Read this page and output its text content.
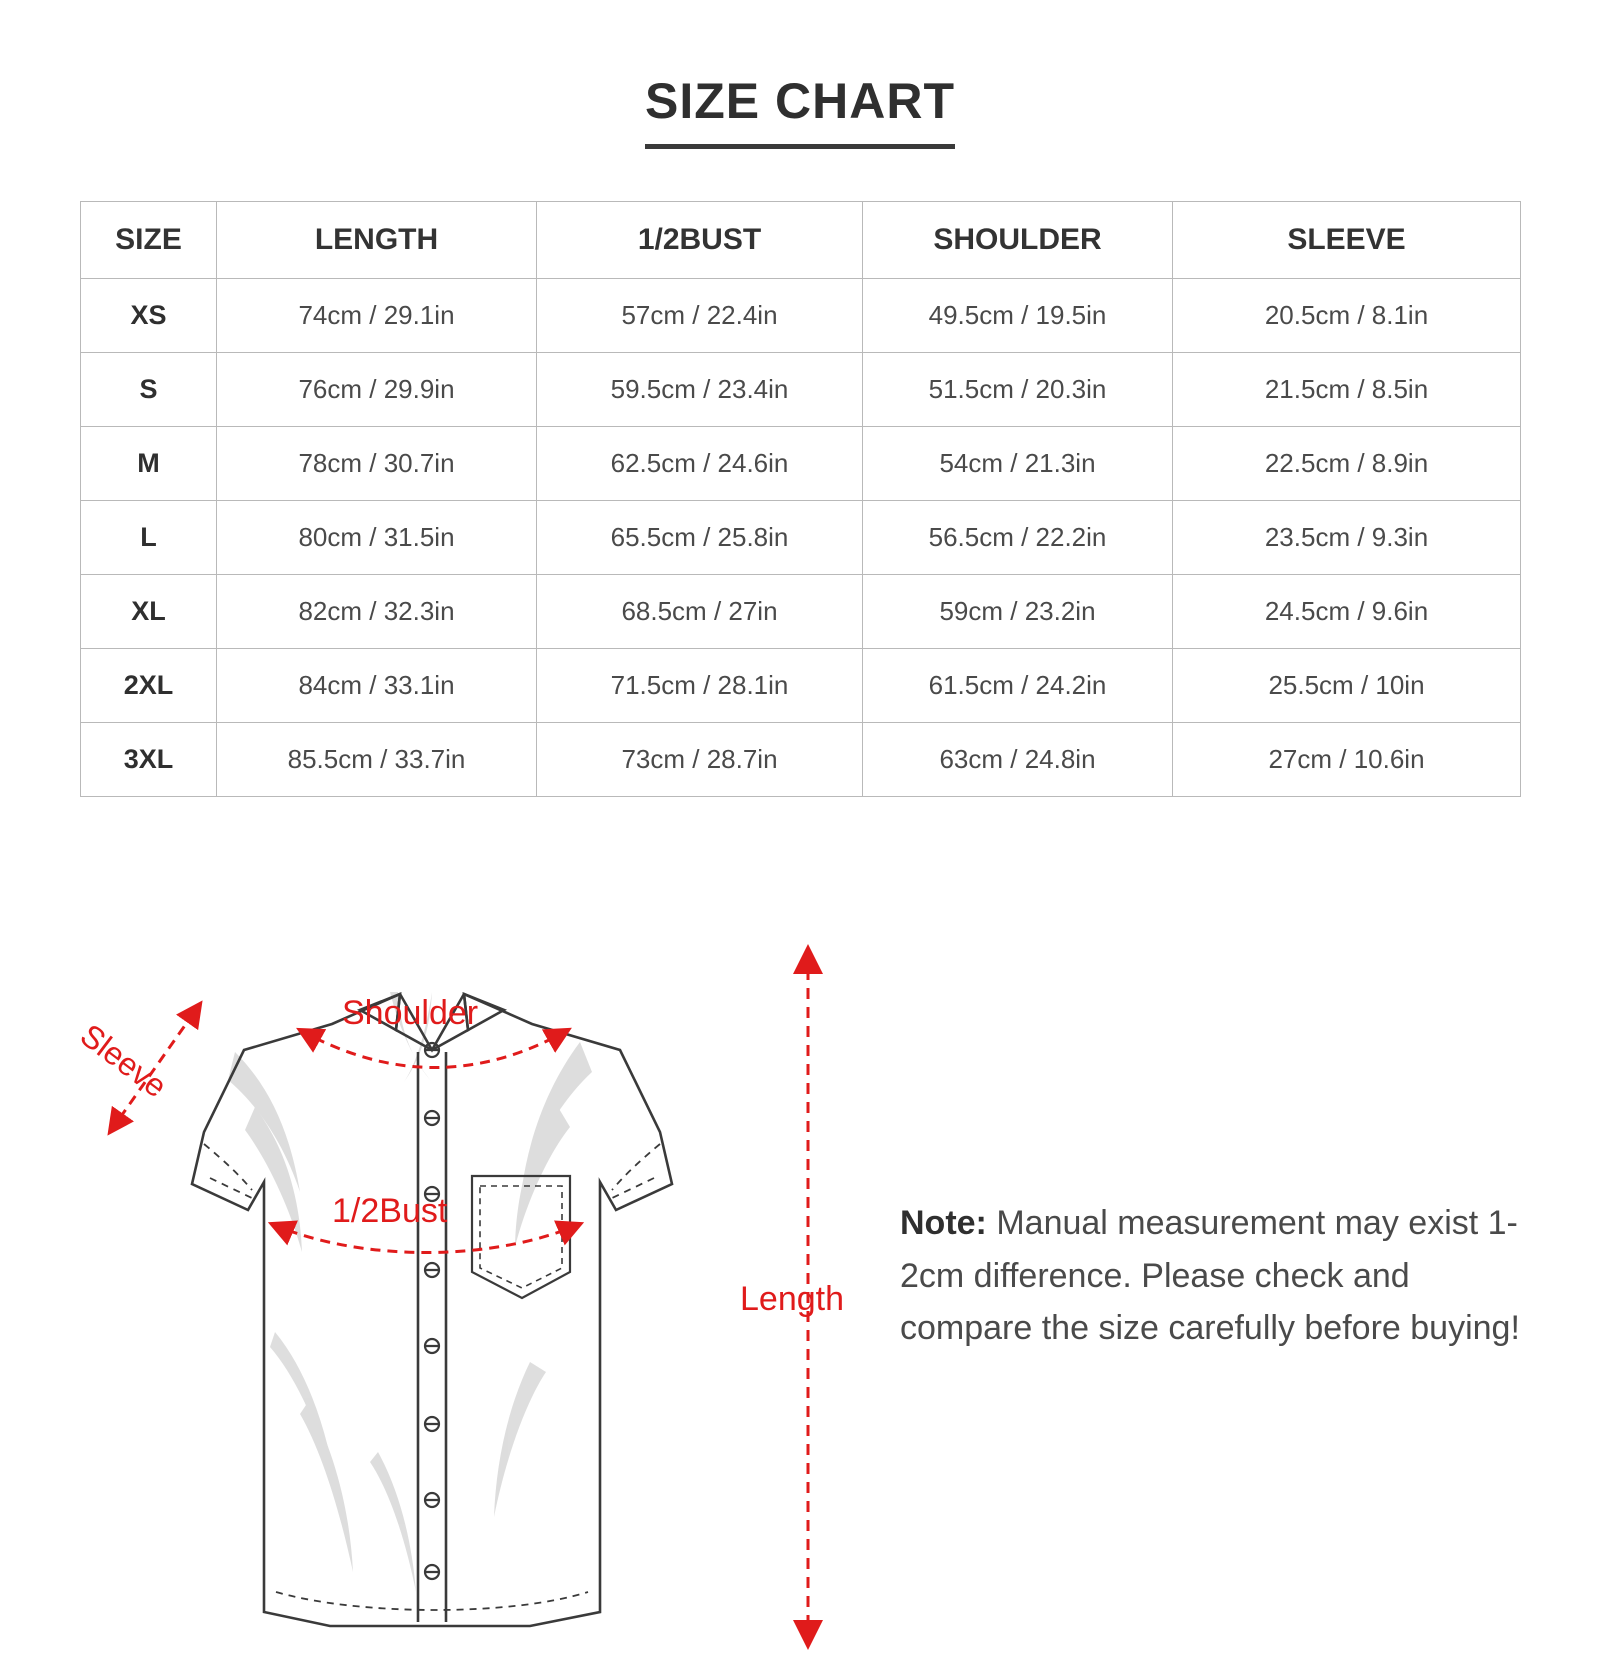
SIZE CHART
SIZE	LENGTH	1/2BUST	SHOULDER	SLEEVE
XS	74cm / 29.1in	57cm / 22.4in	49.5cm / 19.5in	20.5cm / 8.1in
S	76cm / 29.9in	59.5cm / 23.4in	51.5cm / 20.3in	21.5cm / 8.5in
M	78cm / 30.7in	62.5cm / 24.6in	54cm / 21.3in	22.5cm / 8.9in
L	80cm / 31.5in	65.5cm / 25.8in	56.5cm / 22.2in	23.5cm / 9.3in
XL	82cm / 32.3in	68.5cm / 27in	59cm / 23.2in	24.5cm / 9.6in
2XL	84cm / 33.1in	71.5cm / 28.1in	61.5cm / 24.2in	25.5cm / 10in
3XL	85.5cm / 33.7in	73cm / 28.7in	63cm / 24.8in	27cm / 10.6in
Sleeve
Shoulder
1/2Bust
Length
Note: Manual measurement may exist 1-2cm difference. Please check and compare the size carefully before buying!
